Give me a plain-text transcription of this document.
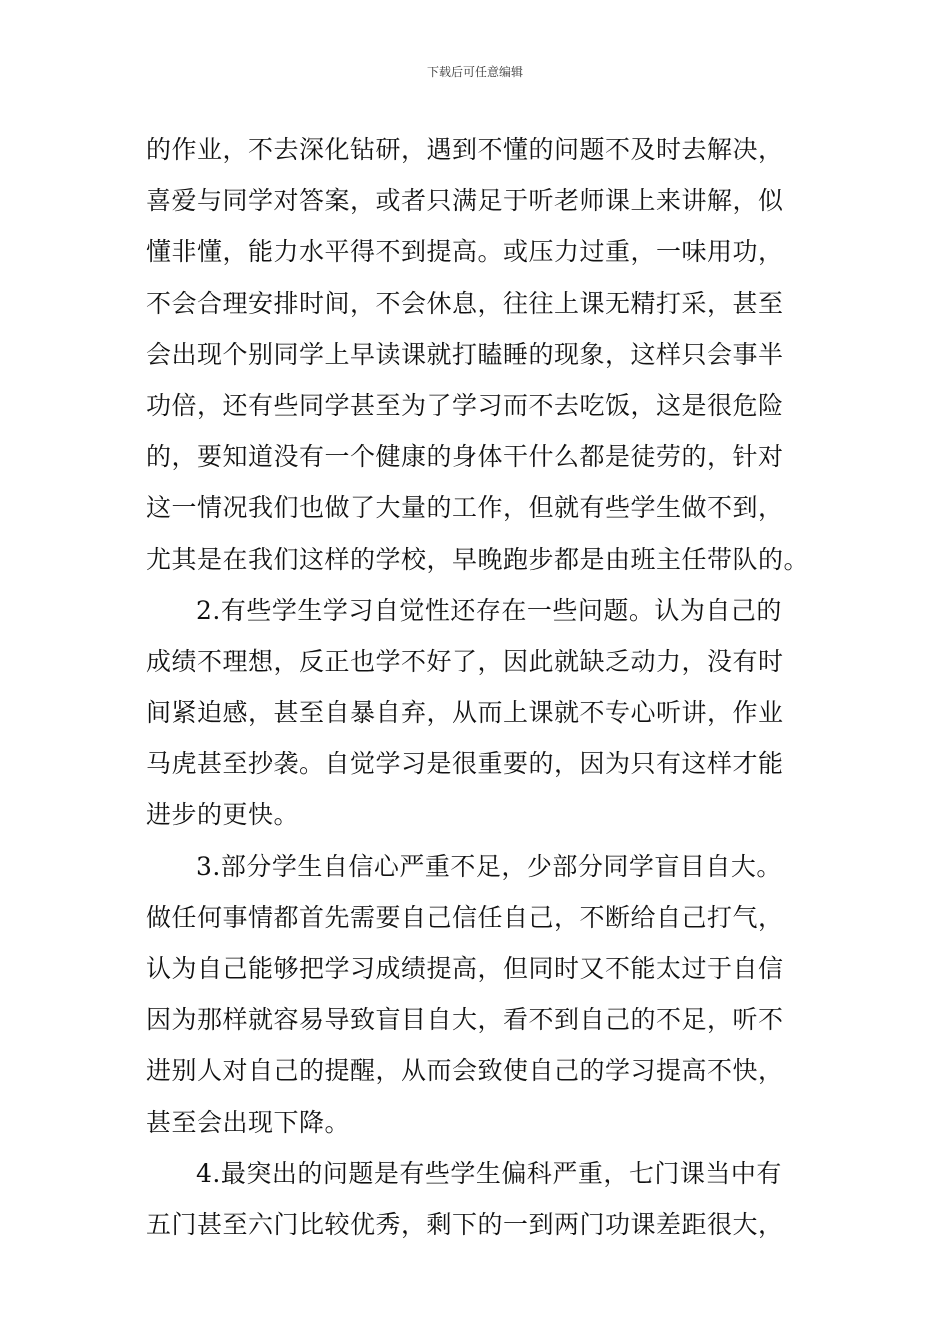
下载后可任意编辑
的作业，不去深化钻研，遇到不懂的问题不及时去解决，
喜爱与同学对答案，或者只满足于听老师课上来讲解，似
懂非懂，能力水平得不到提高。或压力过重，一味用功，
不会合理安排时间，不会休息，往往上课无精打采，甚至
会出现个别同学上早读课就打瞌睡的现象，这样只会事半
功倍，还有些同学甚至为了学习而不去吃饭，这是很危险
的，要知道没有一个健康的身体干什么都是徒劳的，针对
这一情况我们也做了大量的工作，但就有些学生做不到，
尤其是在我们这样的学校，早晚跑步都是由班主任带队的。
2.有些学生学习自觉性还存在一些问题。认为自己的
成绩不理想，反正也学不好了，因此就缺乏动力，没有时
间紧迫感，甚至自暴自弃，从而上课就不专心听讲，作业
马虎甚至抄袭。自觉学习是很重要的，因为只有这样才能
进步的更快。
3.部分学生自信心严重不足，少部分同学盲目自大。
做任何事情都首先需要自己信任自己，不断给自己打气，
认为自己能够把学习成绩提高，但同时又不能太过于自信
因为那样就容易导致盲目自大，看不到自己的不足，听不
进别人对自己的提醒，从而会致使自己的学习提高不快，
甚至会出现下降。
4.最突出的问题是有些学生偏科严重，七门课当中有
五门甚至六门比较优秀，剩下的一到两门功课差距很大，
